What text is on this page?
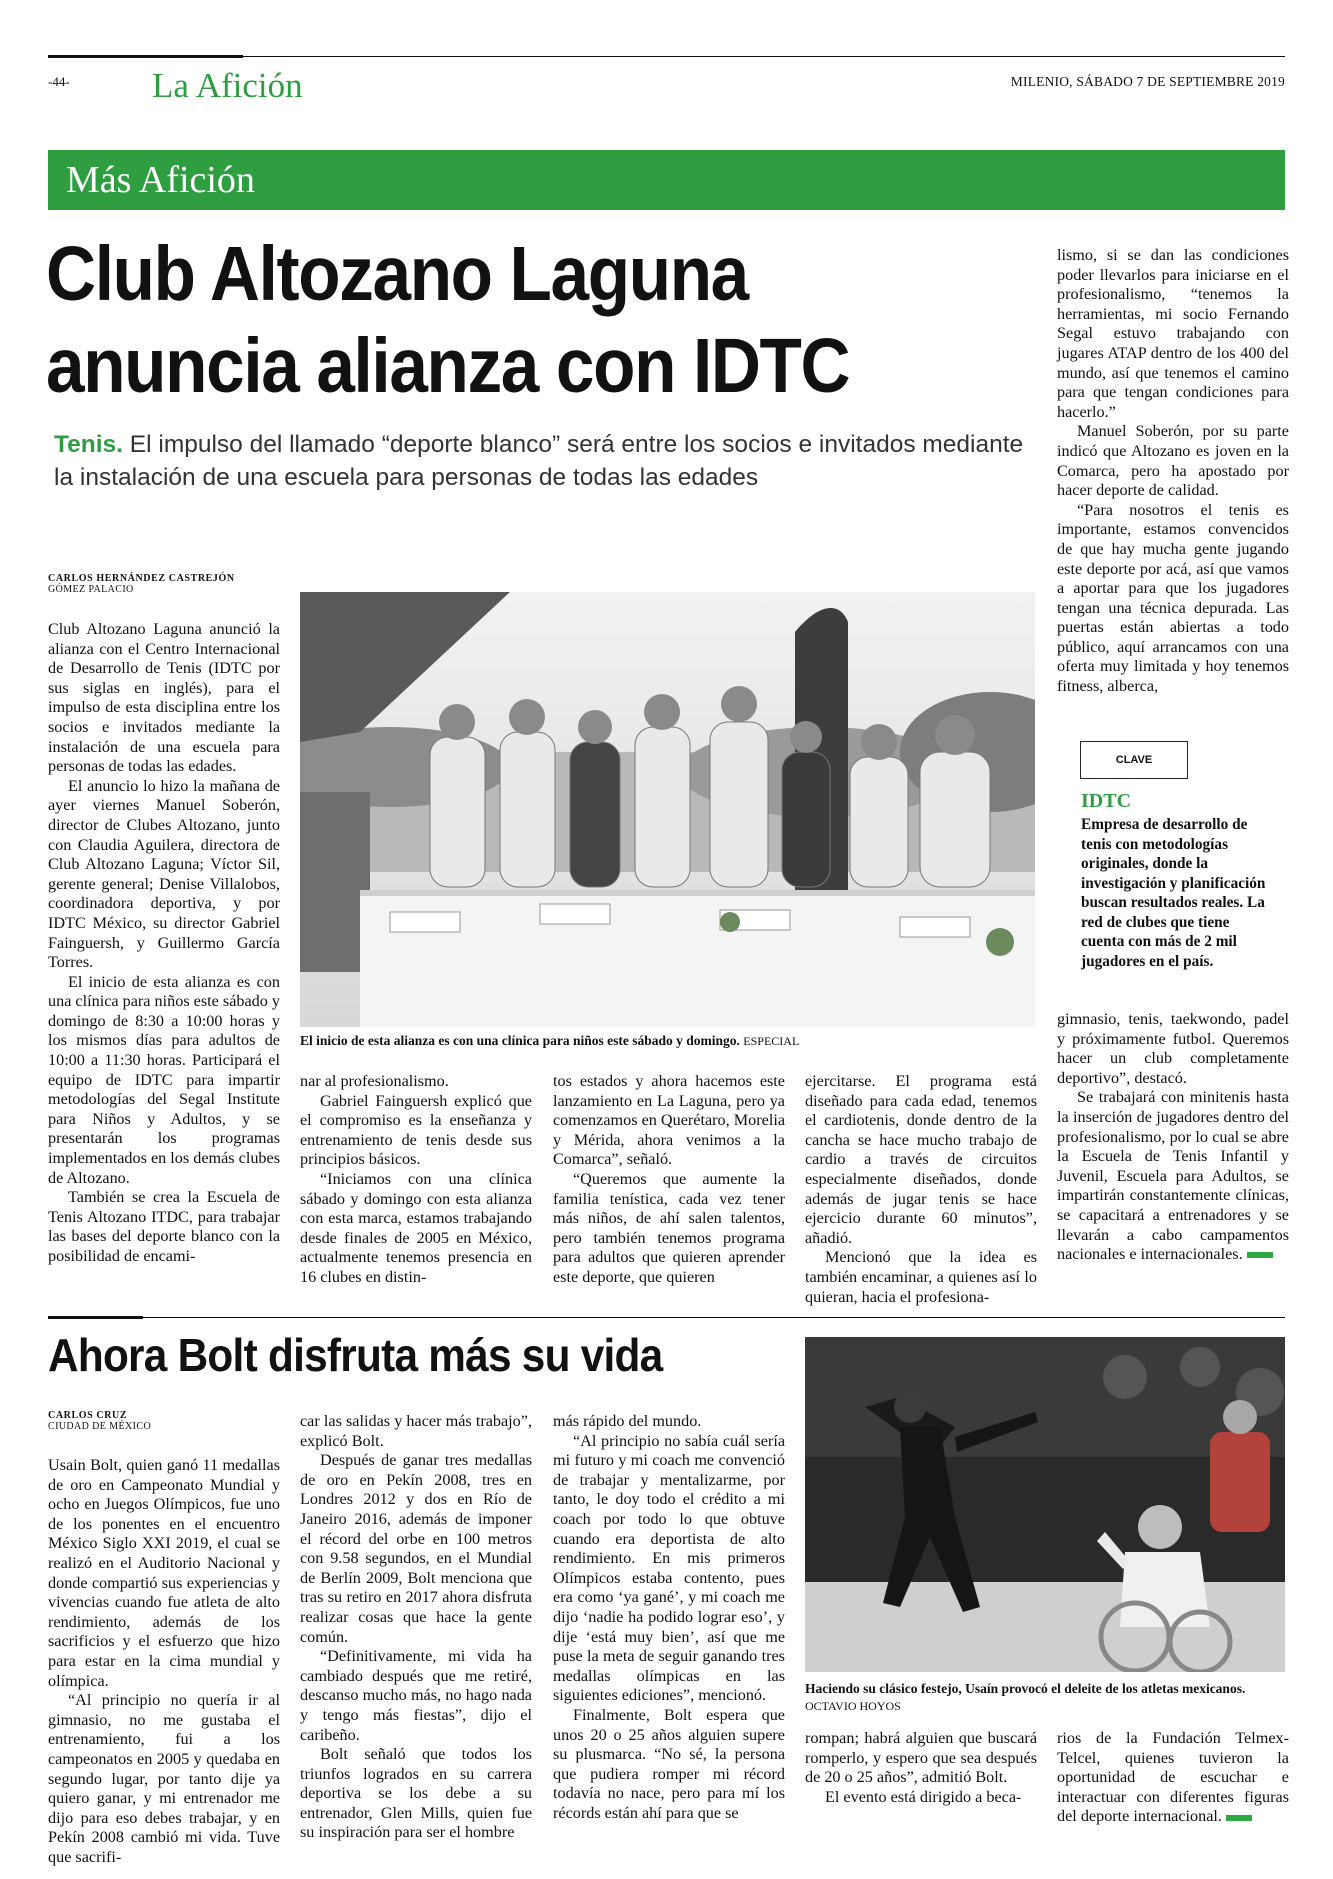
-44- La Afición	MILENIO, SÁBADO 7 DE SEPTIEMBRE 2019
Más Afición
Club Altozano Laguna
anuncia alianza con IDTC
Tenis. El impulso del llamado “deporte blanco” será entre los socios e invitados mediante la instalación de una escuela para personas de todas las edades
CARLOS HERNÁNDEZ CASTREJÓN
GÓMEZ PALACIO

Club Altozano Laguna anunció la alianza con el Centro Internacional de Desarrollo de Tenis (IDTC por sus siglas en inglés), para el impulso de esta disciplina entre los socios e invitados mediante la instalación de una escuela para personas de todas las edades.

El anuncio lo hizo la mañana de ayer viernes Manuel Soberón, director de Clubes Altozano, junto con Claudia Aguilera, directora de Club Altozano Laguna; Víctor Sil, gerente general; Denise Villalobos, coordinadora deportiva, y por IDTC México, su director Gabriel Fainguersh, y Guillermo García Torres.

El inicio de esta alianza es con una clínica para niños este sábado y domingo de 8:30 a 10:00 horas y los mismos días para adultos de 10:00 a 11:30 horas. Participará el equipo de IDTC para impartir metodologías del Segal Institute para Niños y Adultos, y se presentarán los programas implementados en los demás clubes de Altozano.

También se crea la Escuela de Tenis Altozano ITDC, para trabajar las bases del deporte blanco con la posibilidad de encami-

El inicio de esta alianza es con una clínica para niños este sábado y domingo. ESPECIAL

nar al profesionalismo.

Gabriel Fainguersh explicó que el compromiso es la enseñanza y entrenamiento de tenis desde sus principios básicos.

“Iniciamos con una clínica sábado y domingo con esta alianza con esta marca, estamos trabajando desde finales de 2005 en México, actualmente tenemos presencia en 16 clubes en distin-

tos estados y ahora hacemos este lanzamiento en La Laguna, pero ya comenzamos en Querétaro, Morelia y Mérida, ahora venimos a la Comarca”, señaló.

“Queremos que aumente la familia tenística, cada vez tener más niños, de ahí salen talentos, pero también tenemos programa para adultos que quieren aprender este deporte, que quieren

ejercitarse. El programa está diseñado para cada edad, tenemos el cardiotenis, donde dentro de la cancha se hace mucho trabajo de cardio a través de circuitos especialmente diseñados, donde además de jugar tenis se hace ejercicio durante 60 minutos”, añadió.

Mencionó que la idea es también encaminar, a quienes así lo quieran, hacia el profesiona-

lismo, si se dan las condiciones poder llevarlos para iniciarse en el profesionalismo, “tenemos la herramientas, mi socio Fernando Segal estuvo trabajando con jugares ATAP dentro de los 400 del mundo, así que tenemos el camino para que tengan condiciones para hacerlo.”

Manuel Soberón, por su parte indicó que Altozano es joven en la Comarca, pero ha apostado por hacer deporte de calidad.

“Para nosotros el tenis es importante, estamos convencidos de que hay mucha gente jugando este deporte por acá, así que vamos a aportar para que los jugadores tengan una técnica depurada. Las puertas están abiertas a todo público, aquí arrancamos con una oferta muy limitada y hoy tenemos fitness, alberca,

CLAVE
IDTC
Empresa de desarrollo de tenis con metodologías originales, donde la investigación y planificación buscan resultados reales. La red de clubes que tiene cuenta con más de 2 mil jugadores en el país.

gimnasio, tenis, taekwondo, padel y próximamente futbol. Queremos hacer un club completamente deportivo”, destacó.

Se trabajará con minitenis hasta la inserción de jugadores dentro del profesionalismo, por lo cual se abre la Escuela de Tenis Infantil y Juvenil, Escuela para Adultos, se impartirán constantemente clínicas, se capacitará a entrenadores y se llevarán a cabo campamentos nacionales e internacionales.

Ahora Bolt disfruta más su vida
CARLOS CRUZ
CIUDAD DE MÉXICO

Usain Bolt, quien ganó 11 medallas de oro en Campeonato Mundial y ocho en Juegos Olímpicos, fue uno de los ponentes en el encuentro México Siglo XXI 2019, el cual se realizó en el Auditorio Nacional y donde compartió sus experiencias y vivencias cuando fue atleta de alto rendimiento, además de los sacrificios y el esfuerzo que hizo para estar en la cima mundial y olímpica.

“Al principio no quería ir al gimnasio, no me gustaba el entrenamiento, fui a los campeonatos en 2005 y quedaba en segundo lugar, por tanto dije ya quiero ganar, y mi entrenador me dijo para eso debes trabajar, y en Pekín 2008 cambió mi vida. Tuve que sacrifi-

car las salidas y hacer más trabajo”, explicó Bolt.

Después de ganar tres medallas de oro en Pekín 2008, tres en Londres 2012 y dos en Río de Janeiro 2016, además de imponer el récord del orbe en 100 metros con 9.58 segundos, en el Mundial de Berlín 2009, Bolt menciona que tras su retiro en 2017 ahora disfruta realizar cosas que hace la gente común.

“Definitivamente, mi vida ha cambiado después que me retiré, descanso mucho más, no hago nada y tengo más fiestas”, dijo el caribeño.

Bolt señaló que todos los triunfos logrados en su carrera deportiva se los debe a su entrenador, Glen Mills, quien fue su inspiración para ser el hombre

más rápido del mundo.

“Al principio no sabía cuál sería mi futuro y mi coach me convenció de trabajar y mentalizarme, por tanto, le doy todo el crédito a mi coach por todo lo que obtuve cuando era deportista de alto rendimiento. En mis primeros Olímpicos estaba contento, pues era como ‘ya gané’, y mi coach me dijo ‘nadie ha podido lograr eso’, y dije ‘está muy bien’, así que me puse la meta de seguir ganando tres medallas olímpicas en las siguientes ediciones”, mencionó.

Finalmente, Bolt espera que unos 20 o 25 años alguien supere su plusmarca. “No sé, la persona que pudiera romper mi récord todavía no nace, pero para mí los récords están ahí para que se

Haciendo su clásico festejo, Usaín provocó el deleite de los atletas mexicanos. OCTAVIO HOYOS

rompan; habrá alguien que buscará romperlo, y espero que sea después de 20 o 25 años”, admitió Bolt.

El evento está dirigido a beca-

rios de la Fundación Telmex-Telcel, quienes tuvieron la oportunidad de escuchar e interactuar con diferentes figuras del deporte internacional.
